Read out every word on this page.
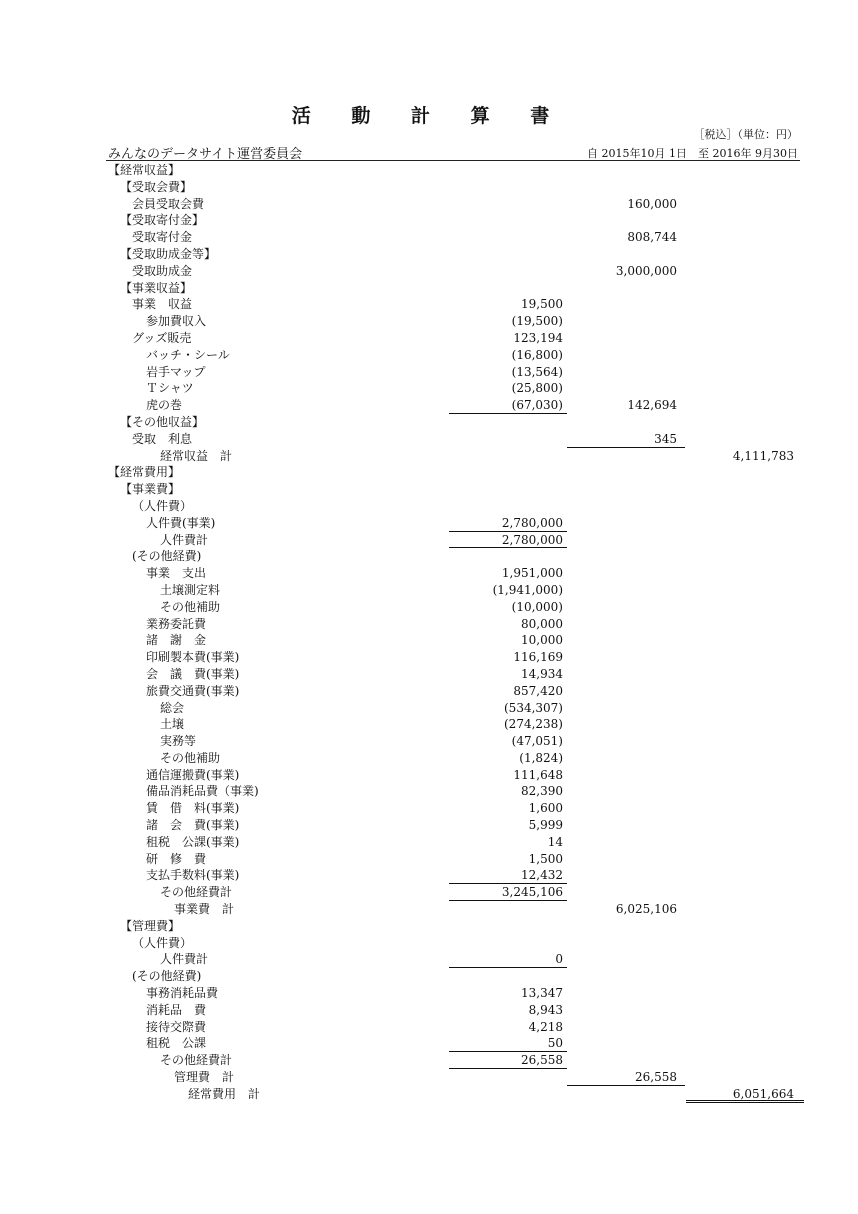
活 動 計 算 書
［税込］（単位：円）
みんなのデータサイト運営委員会	自 2015年10月 1日　至 2016年 9月30日
【経常収益】
【受取会費】
会員受取会費	160,000
【受取寄付金】
受取寄付金	808,744
【受取助成金等】
受取助成金	3,000,000
【事業収益】
事業　収益	19,500
参加費収入	(19,500)
グッズ販売	123,194
バッチ・シール	(16,800)
岩手マップ	(13,564)
Ｔシャツ	(25,800)
虎の巻	(67,030)	142,694
【その他収益】
受取　利息	345
経常収益　計	4,111,783
【経常費用】
【事業費】
（人件費）
人件費(事業)	2,780,000
人件費計	2,780,000
(その他経費)
事業　支出	1,951,000
土壌測定料	(1,941,000)
その他補助	(10,000)
業務委託費	80,000
諸　謝　金	10,000
印刷製本費(事業)	116,169
会　議　費(事業)	14,934
旅費交通費(事業)	857,420
総会	(534,307)
土壌	(274,238)
実務等	(47,051)
その他補助	(1,824)
通信運搬費(事業)	111,648
備品消耗品費（事業)	82,390
賃　借　料(事業)	1,600
諸　会　費(事業)	5,999
租税　公課(事業)	14
研　修　費	1,500
支払手数料(事業)	12,432
その他経費計	3,245,106
事業費　計	6,025,106
【管理費】
（人件費）
人件費計	0
(その他経費)
事務消耗品費	13,347
消耗品　費	8,943
接待交際費	4,218
租税　公課	50
その他経費計	26,558
管理費　計	26,558
経常費用　計	6,051,664
